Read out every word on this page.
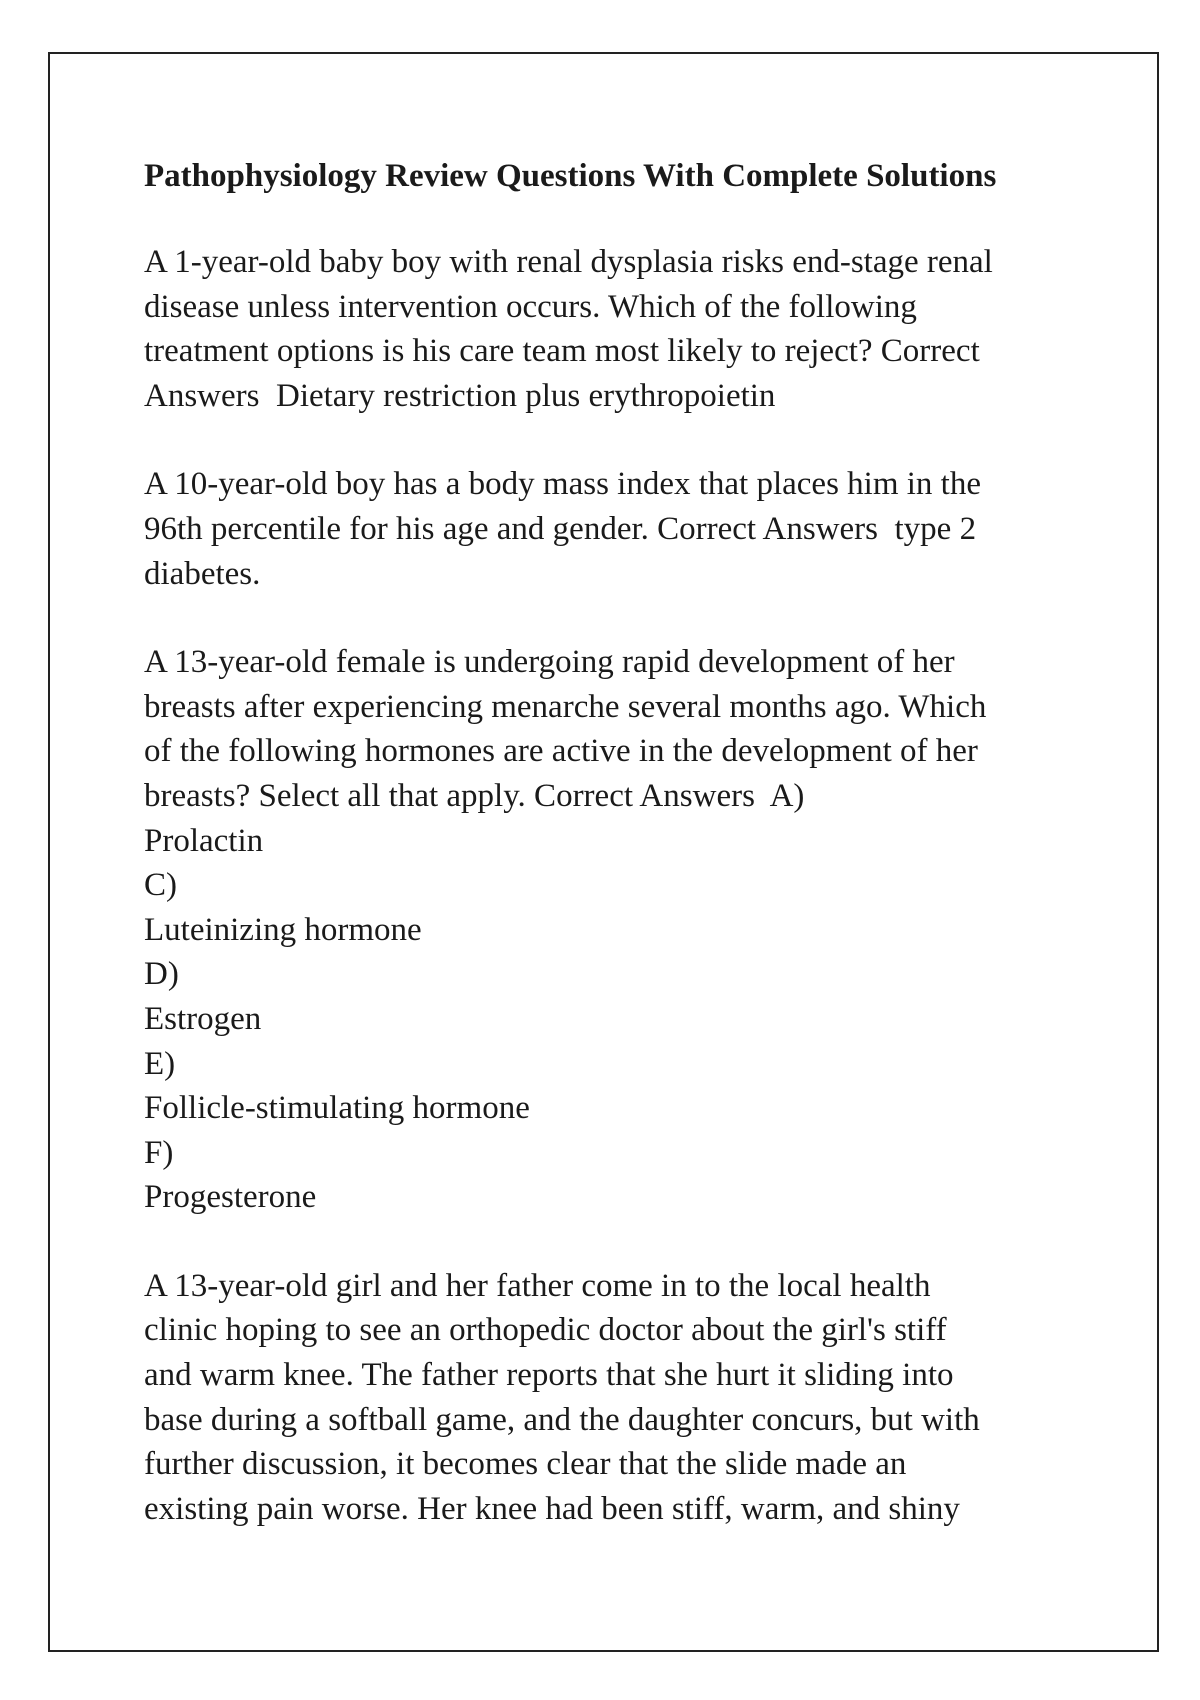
Pathophysiology Review Questions With Complete Solutions
A 1-year-old baby boy with renal dysplasia risks end-stage renal
disease unless intervention occurs. Which of the following
treatment options is his care team most likely to reject? Correct
Answers  Dietary restriction plus erythropoietin
A 10-year-old boy has a body mass index that places him in the
96th percentile for his age and gender. Correct Answers  type 2
diabetes.
A 13-year-old female is undergoing rapid development of her
breasts after experiencing menarche several months ago. Which
of the following hormones are active in the development of her
breasts? Select all that apply. Correct Answers  A)
Prolactin
C)
Luteinizing hormone
D)
Estrogen
E)
Follicle-stimulating hormone
F)
Progesterone
A 13-year-old girl and her father come in to the local health
clinic hoping to see an orthopedic doctor about the girl's stiff
and warm knee. The father reports that she hurt it sliding into
base during a softball game, and the daughter concurs, but with
further discussion, it becomes clear that the slide made an
existing pain worse. Her knee had been stiff, warm, and shiny
